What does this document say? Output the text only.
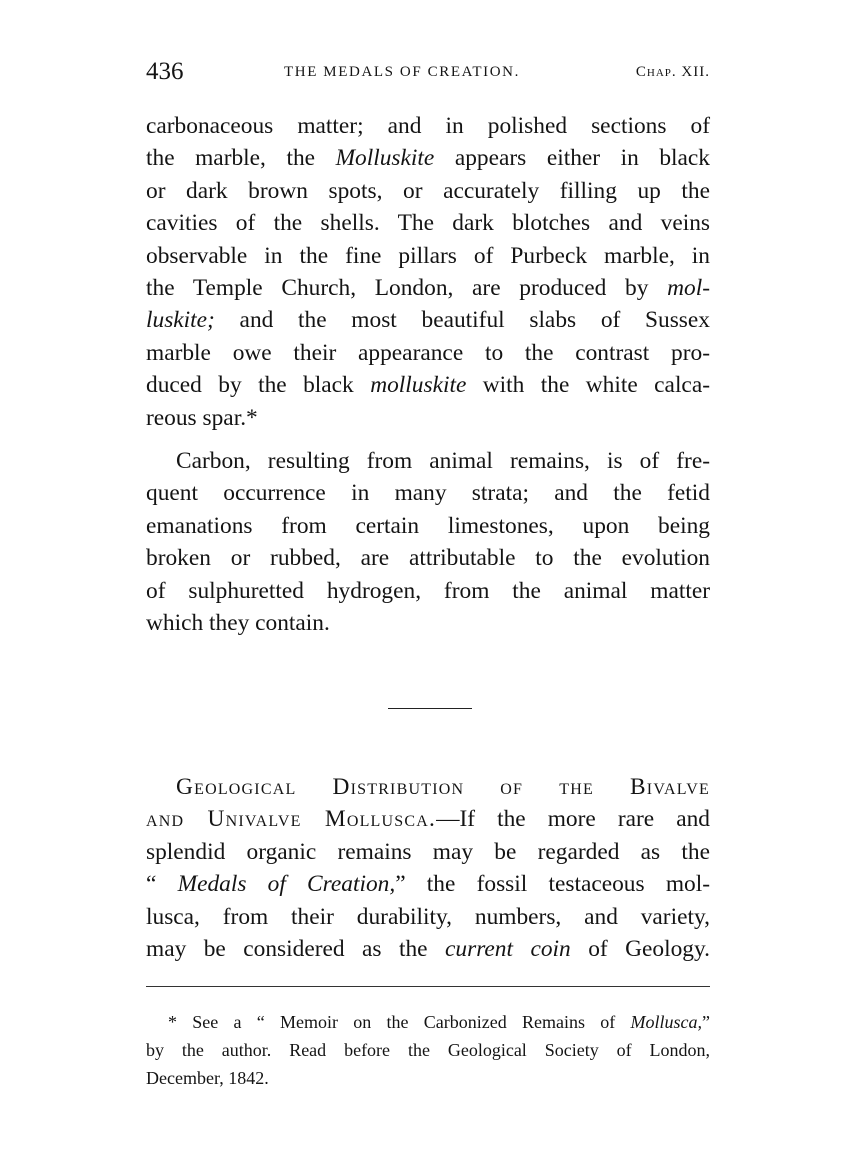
436	THE MEDALS OF CREATION.	Chap. XII.
carbonaceous matter; and in polished sections of
the marble, the Molluskite appears either in black
or dark brown spots, or accurately filling up the
cavities of the shells. The dark blotches and veins
observable in the fine pillars of Purbeck marble, in
the Temple Church, London, are produced by mol-
luskite; and the most beautiful slabs of Sussex
marble owe their appearance to the contrast pro-
duced by the black molluskite with the white calca-
reous spar.*
Carbon, resulting from animal remains, is of fre-
quent occurrence in many strata; and the fetid
emanations from certain limestones, upon being
broken or rubbed, are attributable to the evolution
of sulphuretted hydrogen, from the animal matter
which they contain.
Geological Distribution of the Bivalve
and Univalve Mollusca.—If the more rare and
splendid organic remains may be regarded as the
“ Medals of Creation,” the fossil testaceous mol-
lusca, from their durability, numbers, and variety,
may be considered as the current coin of Geology.
* See a “ Memoir on the Carbonized Remains of Mollusca,”
by the author. Read before the Geological Society of London,
December, 1842.
